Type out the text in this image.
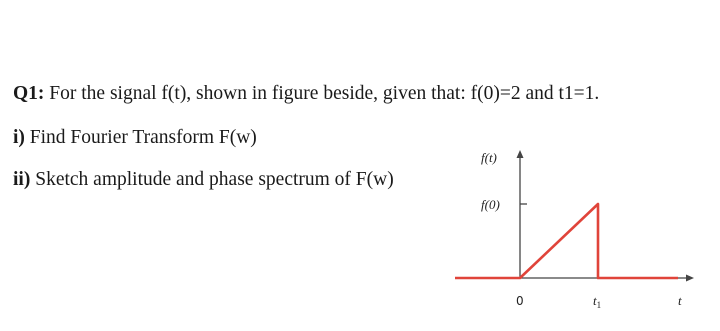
Q1: For the signal f(t), shown in figure beside, given that: f(0)=2 and t1=1.
i) Find Fourier Transform F(w)
ii) Sketch amplitude and phase spectrum of F(w)
f(t)
f(0)
0	$t_1$	t
